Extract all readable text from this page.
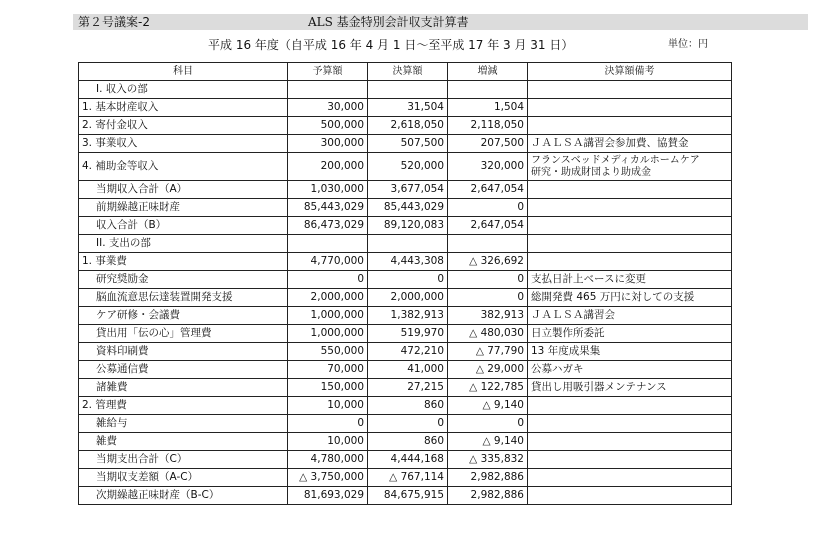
第２号議案-2	ALS 基金特別会計収支計算書
平成 16 年度（自平成 16 年 4 月 1 日～至平成 17 年 3 月 31 日）	単位：円
科目	予算額	決算額	増減	決算額備考
I. 収入の部				
1. 基本財産収入	30,000	31,504	1,504	
2. 寄付金収入	500,000	2,618,050	2,118,050	
3. 事業収入	300,000	507,500	207,500	ＪＡＬＳＡ講習会参加費、協賛金
4. 補助金等収入	200,000	520,000	320,000	フランスベッドメディカルホームケア
研究・助成財団より助成金

当期収入合計（A）	1,030,000	3,677,054	2,647,054	
前期繰越正味財産	85,443,029	85,443,029	0	
収入合計（B）	86,473,029	89,120,083	2,647,054	
II. 支出の部				
1. 事業費	4,770,000	4,443,308	△ 326,692	
研究奨励金	0	0	0	支払日計上ベースに変更
脳血流意思伝達装置開発支援	2,000,000	2,000,000	0	総開発費 465 万円に対しての支援
ケア研修・会議費	1,000,000	1,382,913	382,913	ＪＡＬＳＡ講習会
貸出用「伝の心」管理費	1,000,000	519,970	△ 480,030	日立製作所委託
資料印刷費	550,000	472,210	△ 77,790	13 年度成果集
公募通信費	70,000	41,000	△ 29,000	公募ハガキ
諸雑費	150,000	27,215	△ 122,785	貸出し用吸引器メンテナンス
2. 管理費	10,000	860	△ 9,140	
雑給与	0	0	0	
雑費	10,000	860	△ 9,140	
当期支出合計（C）	4,780,000	4,444,168	△ 335,832	
当期収支差額（A-C）	△ 3,750,000	△ 767,114	2,982,886	
次期繰越正味財産（B-C）	81,693,029	84,675,915	2,982,886	
